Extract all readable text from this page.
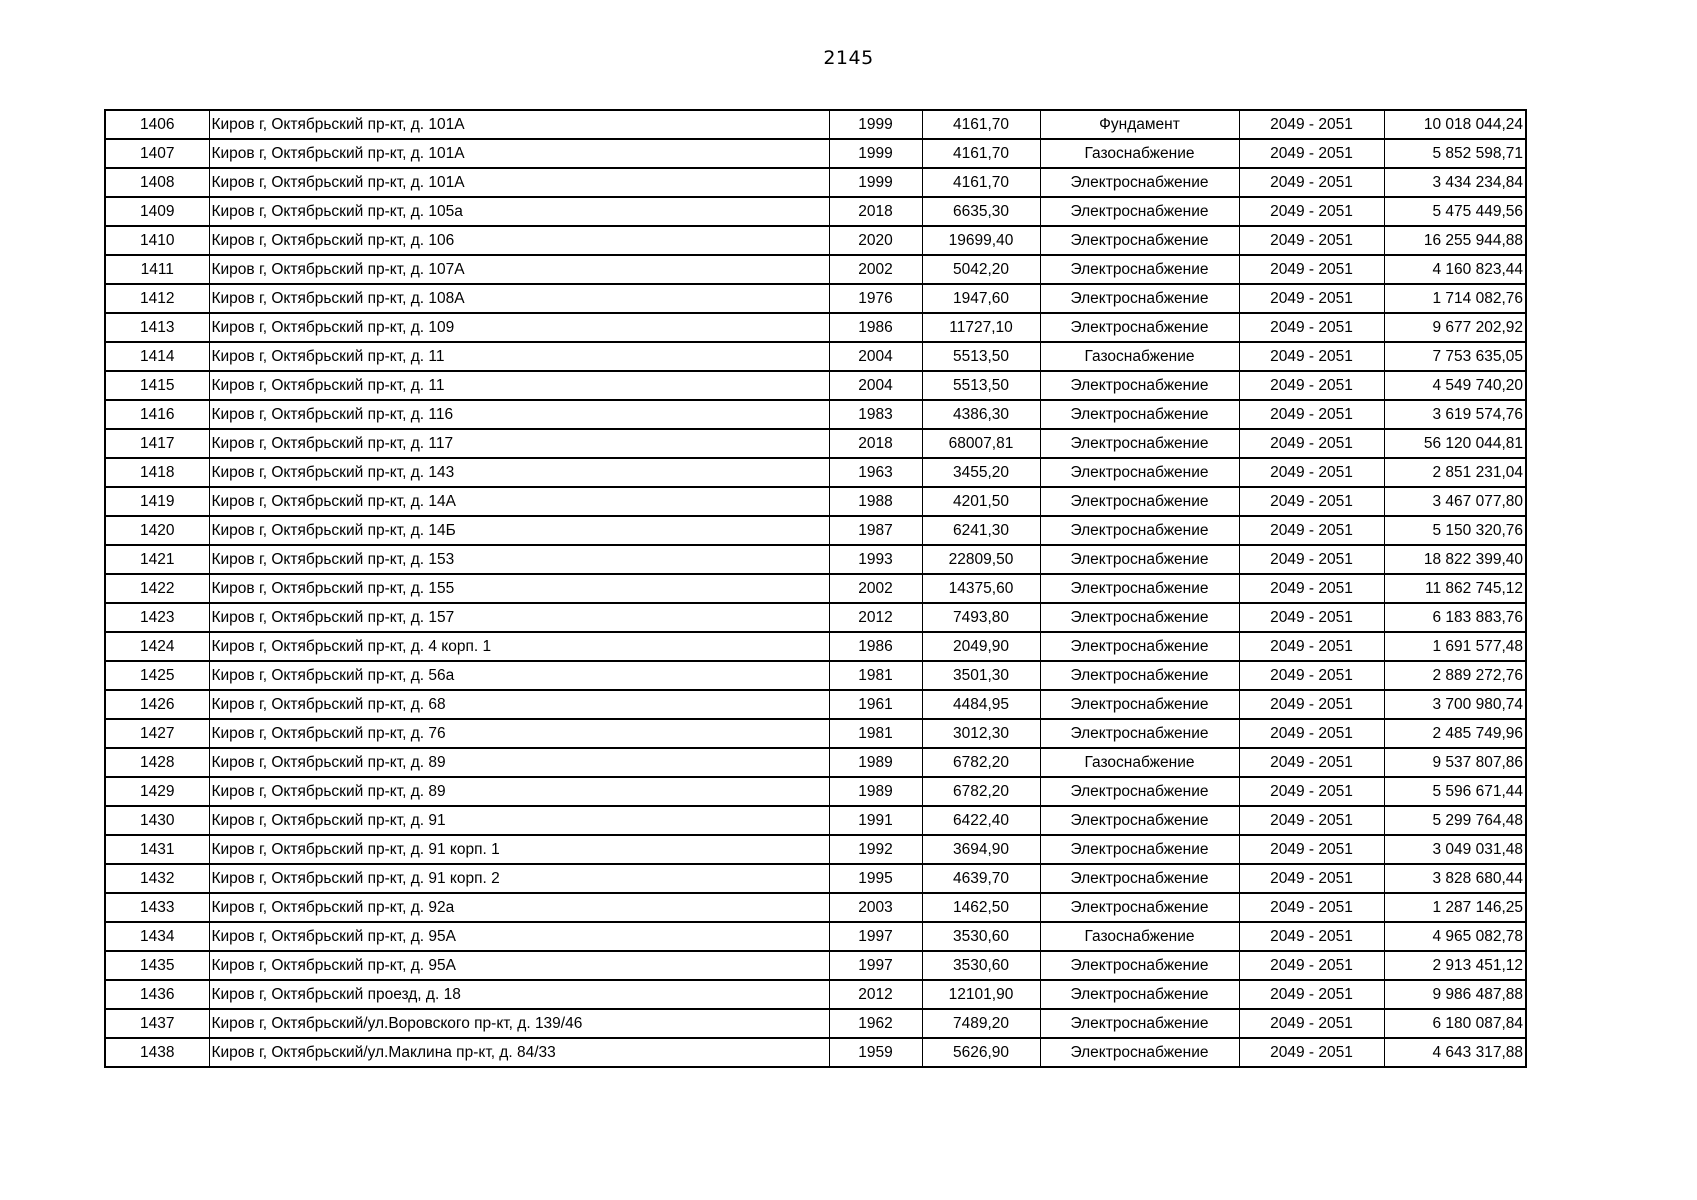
2145
1406	Киров г, Октябрьский пр-кт, д. 101А	1999	4161,70	Фундамент	2049 - 2051	10 018 044,24
1407	Киров г, Октябрьский пр-кт, д. 101А	1999	4161,70	Газоснабжение	2049 - 2051	5 852 598,71
1408	Киров г, Октябрьский пр-кт, д. 101А	1999	4161,70	Электроснабжение	2049 - 2051	3 434 234,84
1409	Киров г, Октябрьский пр-кт, д. 105а	2018	6635,30	Электроснабжение	2049 - 2051	5 475 449,56
1410	Киров г, Октябрьский пр-кт, д. 106	2020	19699,40	Электроснабжение	2049 - 2051	16 255 944,88
1411	Киров г, Октябрьский пр-кт, д. 107А	2002	5042,20	Электроснабжение	2049 - 2051	4 160 823,44
1412	Киров г, Октябрьский пр-кт, д. 108А	1976	1947,60	Электроснабжение	2049 - 2051	1 714 082,76
1413	Киров г, Октябрьский пр-кт, д. 109	1986	11727,10	Электроснабжение	2049 - 2051	9 677 202,92
1414	Киров г, Октябрьский пр-кт, д. 11	2004	5513,50	Газоснабжение	2049 - 2051	7 753 635,05
1415	Киров г, Октябрьский пр-кт, д. 11	2004	5513,50	Электроснабжение	2049 - 2051	4 549 740,20
1416	Киров г, Октябрьский пр-кт, д. 116	1983	4386,30	Электроснабжение	2049 - 2051	3 619 574,76
1417	Киров г, Октябрьский пр-кт, д. 117	2018	68007,81	Электроснабжение	2049 - 2051	56 120 044,81
1418	Киров г, Октябрьский пр-кт, д. 143	1963	3455,20	Электроснабжение	2049 - 2051	2 851 231,04
1419	Киров г, Октябрьский пр-кт, д. 14А	1988	4201,50	Электроснабжение	2049 - 2051	3 467 077,80
1420	Киров г, Октябрьский пр-кт, д. 14Б	1987	6241,30	Электроснабжение	2049 - 2051	5 150 320,76
1421	Киров г, Октябрьский пр-кт, д. 153	1993	22809,50	Электроснабжение	2049 - 2051	18 822 399,40
1422	Киров г, Октябрьский пр-кт, д. 155	2002	14375,60	Электроснабжение	2049 - 2051	11 862 745,12
1423	Киров г, Октябрьский пр-кт, д. 157	2012	7493,80	Электроснабжение	2049 - 2051	6 183 883,76
1424	Киров г, Октябрьский пр-кт, д. 4 корп. 1	1986	2049,90	Электроснабжение	2049 - 2051	1 691 577,48
1425	Киров г, Октябрьский пр-кт, д. 56а	1981	3501,30	Электроснабжение	2049 - 2051	2 889 272,76
1426	Киров г, Октябрьский пр-кт, д. 68	1961	4484,95	Электроснабжение	2049 - 2051	3 700 980,74
1427	Киров г, Октябрьский пр-кт, д. 76	1981	3012,30	Электроснабжение	2049 - 2051	2 485 749,96
1428	Киров г, Октябрьский пр-кт, д. 89	1989	6782,20	Газоснабжение	2049 - 2051	9 537 807,86
1429	Киров г, Октябрьский пр-кт, д. 89	1989	6782,20	Электроснабжение	2049 - 2051	5 596 671,44
1430	Киров г, Октябрьский пр-кт, д. 91	1991	6422,40	Электроснабжение	2049 - 2051	5 299 764,48
1431	Киров г, Октябрьский пр-кт, д. 91 корп. 1	1992	3694,90	Электроснабжение	2049 - 2051	3 049 031,48
1432	Киров г, Октябрьский пр-кт, д. 91 корп. 2	1995	4639,70	Электроснабжение	2049 - 2051	3 828 680,44
1433	Киров г, Октябрьский пр-кт, д. 92а	2003	1462,50	Электроснабжение	2049 - 2051	1 287 146,25
1434	Киров г, Октябрьский пр-кт, д. 95А	1997	3530,60	Газоснабжение	2049 - 2051	4 965 082,78
1435	Киров г, Октябрьский пр-кт, д. 95А	1997	3530,60	Электроснабжение	2049 - 2051	2 913 451,12
1436	Киров г, Октябрьский проезд, д. 18	2012	12101,90	Электроснабжение	2049 - 2051	9 986 487,88
1437	Киров г, Октябрьский/ул.Воровского пр-кт, д. 139/46	1962	7489,20	Электроснабжение	2049 - 2051	6 180 087,84
1438	Киров г, Октябрьский/ул.Маклина пр-кт, д. 84/33	1959	5626,90	Электроснабжение	2049 - 2051	4 643 317,88
